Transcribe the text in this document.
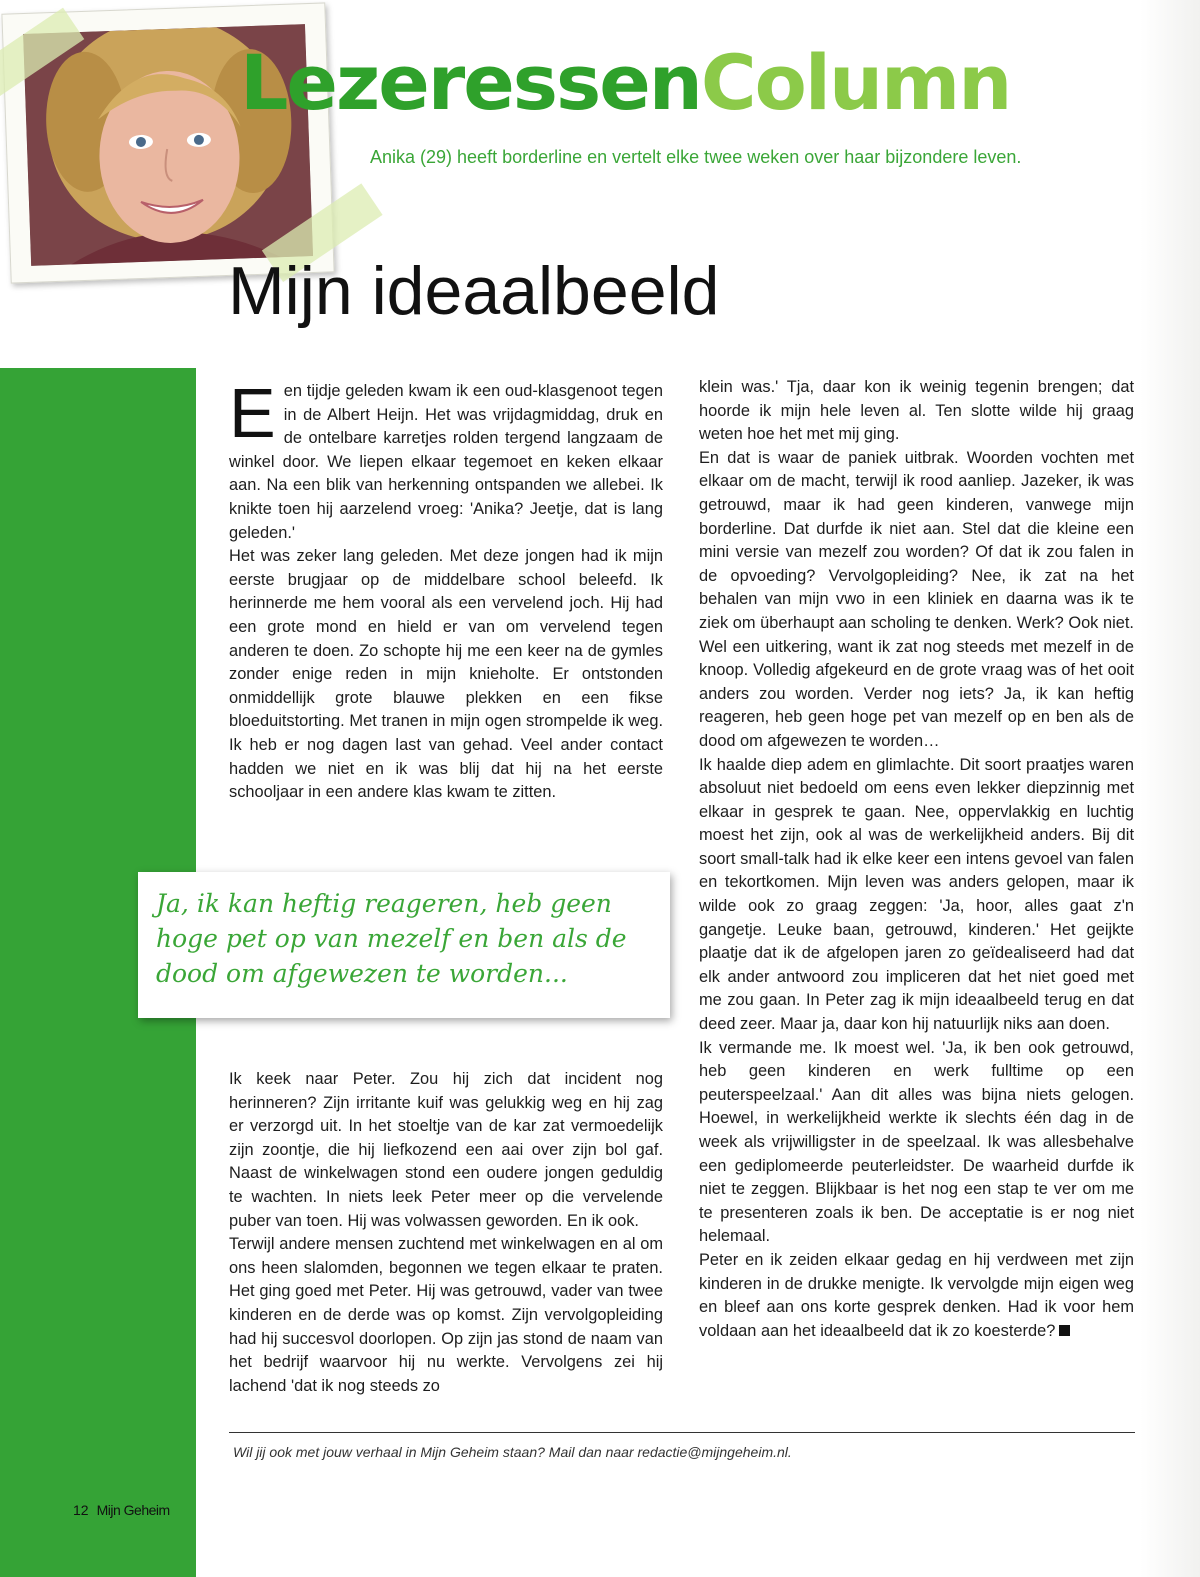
LezeressenColumn

Anika (29) heeft borderline en vertelt elke twee weken over haar bijzondere leven.

Mijn ideaalbeeld

Een tijdje geleden kwam ik een oud-klasgenoot tegen in de Albert Heijn. Het was vrijdagmiddag, druk en de ontelbare karretjes rolden tergend langzaam de winkel door. We liepen elkaar tegemoet en keken elkaar aan. Na een blik van herkenning ontspanden we allebei. Ik knikte toen hij aarzelend vroeg: 'Anika? Jeetje, dat is lang geleden.'

Het was zeker lang geleden. Met deze jongen had ik mijn eerste brugjaar op de middelbare school beleefd. Ik herinnerde me hem vooral als een vervelend joch. Hij had een grote mond en hield er van om vervelend tegen anderen te doen. Zo schopte hij me een keer na de gymles zonder enige reden in mijn knieholte. Er ontstonden onmiddellijk grote blauwe plekken en een fikse bloeduitstorting. Met tranen in mijn ogen strompelde ik weg. Ik heb er nog dagen last van gehad. Veel ander contact hadden we niet en ik was blij dat hij na het eerste schooljaar in een andere klas kwam te zitten.

Ja, ik kan heftig reageren, heb geen hoge pet op van mezelf en ben als de dood om afgewezen te worden...

Ik keek naar Peter. Zou hij zich dat incident nog herinneren? Zijn irritante kuif was gelukkig weg en hij zag er verzorgd uit. In het stoeltje van de kar zat vermoedelijk zijn zoontje, die hij liefkozend een aai over zijn bol gaf. Naast de winkelwagen stond een oudere jongen geduldig te wachten. In niets leek Peter meer op die vervelende puber van toen. Hij was volwassen geworden. En ik ook.

Terwijl andere mensen zuchtend met winkelwagen en al om ons heen slalomden, begonnen we tegen elkaar te praten. Het ging goed met Peter. Hij was getrouwd, vader van twee kinderen en de derde was op komst. Zijn vervolgopleiding had hij succesvol doorlopen. Op zijn jas stond de naam van het bedrijf waarvoor hij nu werkte. Vervolgens zei hij lachend 'dat ik nog steeds zo

klein was.' Tja, daar kon ik weinig tegenin brengen; dat hoorde ik mijn hele leven al. Ten slotte wilde hij graag weten hoe het met mij ging.

En dat is waar de paniek uitbrak. Woorden vochten met elkaar om de macht, terwijl ik rood aanliep. Jazeker, ik was getrouwd, maar ik had geen kinderen, vanwege mijn borderline. Dat durfde ik niet aan. Stel dat die kleine een mini versie van mezelf zou worden? Of dat ik zou falen in de opvoeding? Vervolgopleiding? Nee, ik zat na het behalen van mijn vwo in een kliniek en daarna was ik te ziek om überhaupt aan scholing te denken. Werk? Ook niet. Wel een uitkering, want ik zat nog steeds met mezelf in de knoop. Volledig afgekeurd en de grote vraag was of het ooit anders zou worden. Verder nog iets? Ja, ik kan heftig reageren, heb geen hoge pet van mezelf op en ben als de dood om afgewezen te worden…

Ik haalde diep adem en glimlachte. Dit soort praatjes waren absoluut niet bedoeld om eens even lekker diepzinnig met elkaar in gesprek te gaan. Nee, oppervlakkig en luchtig moest het zijn, ook al was de werkelijkheid anders. Bij dit soort small-talk had ik elke keer een intens gevoel van falen en tekortkomen. Mijn leven was anders gelopen, maar ik wilde ook zo graag zeggen: 'Ja, hoor, alles gaat z'n gangetje. Leuke baan, getrouwd, kinderen.' Het geijkte plaatje dat ik de afgelopen jaren zo geïdealiseerd had dat elk ander antwoord zou impliceren dat het niet goed met me zou gaan. In Peter zag ik mijn ideaalbeeld terug en dat deed zeer. Maar ja, daar kon hij natuurlijk niks aan doen.

Ik vermande me. Ik moest wel. 'Ja, ik ben ook getrouwd, heb geen kinderen en werk fulltime op een peuterspeelzaal.' Aan dit alles was bijna niets gelogen. Hoewel, in werkelijkheid werkte ik slechts één dag in de week als vrijwilligster in de speelzaal. Ik was allesbehalve een gediplomeerde peuterleidster. De waarheid durfde ik niet te zeggen. Blijkbaar is het nog een stap te ver om me te presenteren zoals ik ben. De acceptatie is er nog niet helemaal.

Peter en ik zeiden elkaar gedag en hij verdween met zijn kinderen in de drukke menigte. Ik vervolgde mijn eigen weg en bleef aan ons korte gesprek denken. Had ik voor hem voldaan aan het ideaalbeeld dat ik zo koesterde?

Wil jij ook met jouw verhaal in Mijn Geheim staan? Mail dan naar redactie@mijngeheim.nl.

12 Mijn Geheim
